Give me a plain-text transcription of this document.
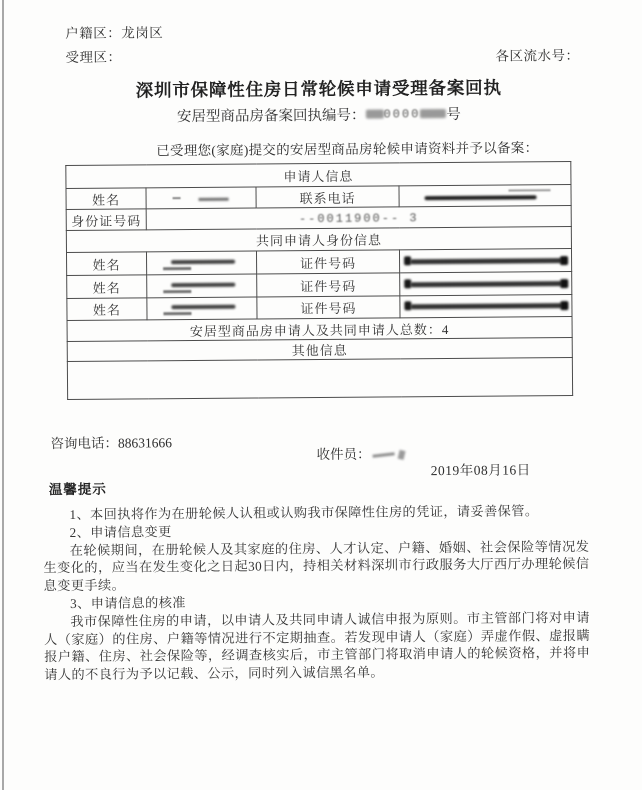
户籍区：龙岗区
受理区：	各区流水号：
深圳市保障性住房日常轮候申请受理备案回执
安居型商品房备案回执编号： 0000 号
已受理您(家庭)提交的安居型商品房轮候申请资料并予以备案：
申请人信息			
姓名		联系电话	

身份证号码	--0011900-- 3		
共同申请人身份信息			
姓名		证件号码	

姓名		证件号码	

姓名		证件号码	

安居型商品房申请人及共同申请人总数：4			
其他信息			

咨询电话：88631666
收件员：
2019年08月16日
温馨提示

1、本回执将作为在册轮候人认租或认购我市保障性住房的凭证，请妥善保管。

2、申请信息变更

在轮候期间，在册轮候人及其家庭的住房、人才认定、户籍、婚姻、社会保险等情况发生变化的，应当在发生变化之日起30日内，持相关材料深圳市行政服务大厅西厅办理轮候信息变更手续。

3、申请信息的核准

我市保障性住房的申请，以申请人及共同申请人诚信申报为原则。市主管部门将对申请人（家庭）的住房、户籍等情况进行不定期抽查。若发现申请人（家庭）弄虚作假、虚报瞒报户籍、住房、社会保险等，经调查核实后，市主管部门将取消申请人的轮候资格，并将申请人的不良行为予以记载、公示，同时列入诚信黑名单。
